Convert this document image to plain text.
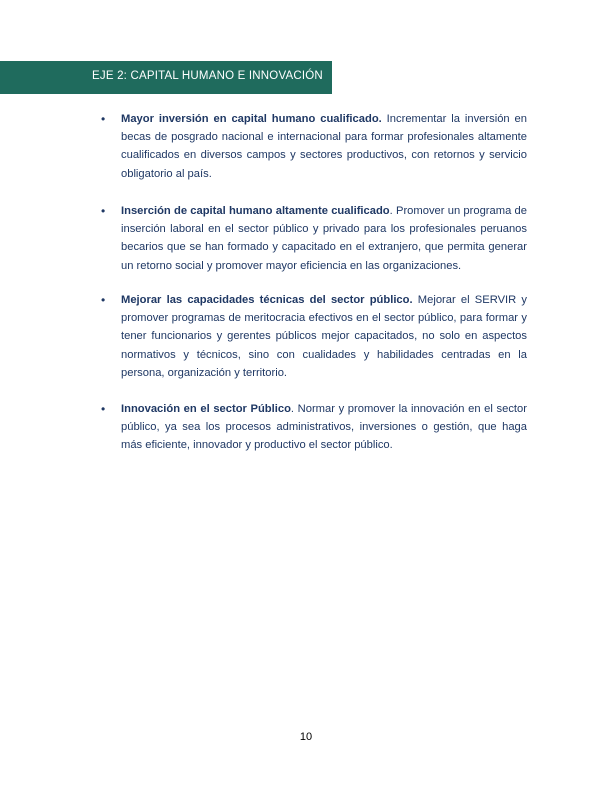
EJE 2: CAPITAL HUMANO E INNOVACIÓN
• Mayor inversión en capital humano cualificado. Incrementar la inversión en becas de posgrado nacional e internacional para formar profesionales altamente cualificados en diversos campos y sectores productivos, con retornos y servicio obligatorio al país.
• Inserción de capital humano altamente cualificado. Promover un programa de inserción laboral en el sector público y privado para los profesionales peruanos becarios que se han formado y capacitado en el extranjero, que permita generar un retorno social y promover mayor eficiencia en las organizaciones.
• Mejorar las capacidades técnicas del sector público. Mejorar el SERVIR y promover programas de meritocracia efectivos en el sector público, para formar y tener funcionarios y gerentes públicos mejor capacitados, no solo en aspectos normativos y técnicos, sino con cualidades y habilidades centradas en la persona, organización y territorio.
• Innovación en el sector Público. Normar y promover la innovación en el sector público, ya sea los procesos administrativos, inversiones o gestión, que haga más eficiente, innovador y productivo el sector público.
10
